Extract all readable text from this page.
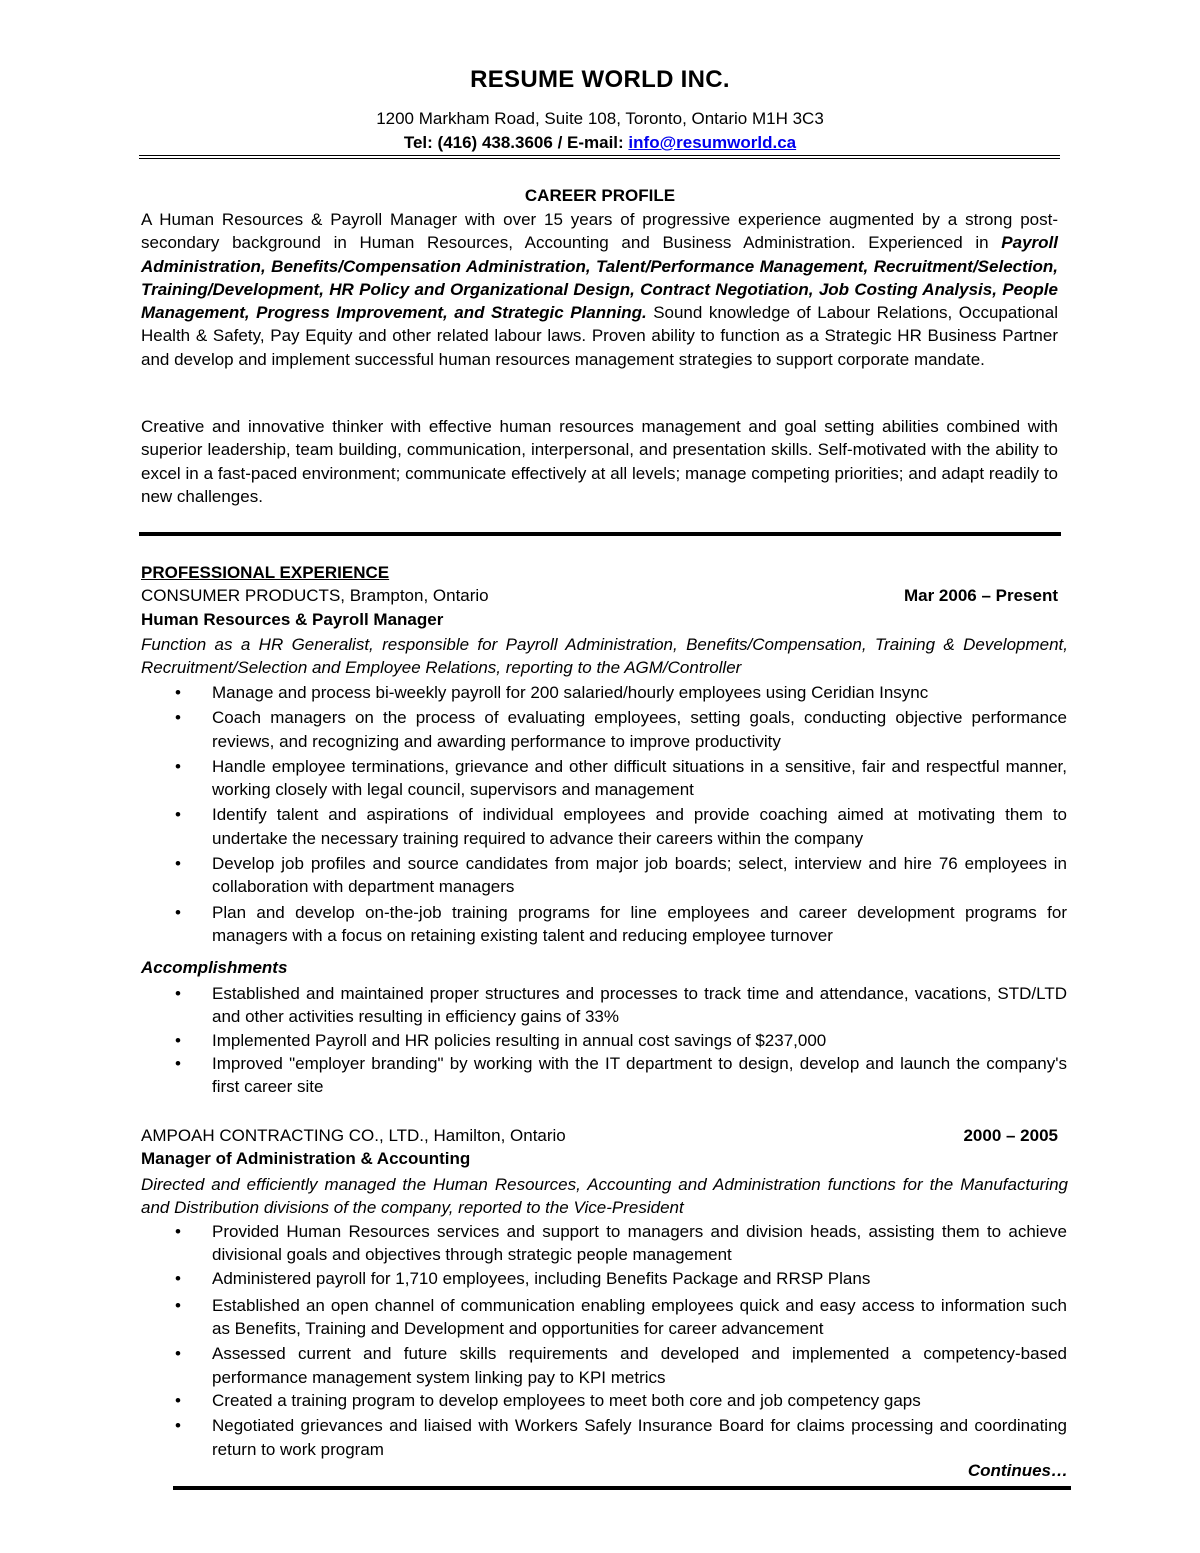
RESUME WORLD INC.
1200 Markham Road, Suite 108, Toronto, Ontario M1H 3C3
Tel: (416) 438.3606 / E-mail: info@resumworld.ca
CAREER PROFILE

A Human Resources & Payroll Manager with over 15 years of progressive experience augmented by a strong post-secondary background in Human Resources, Accounting and Business Administration. Experienced in Payroll Administration, Benefits/Compensation Administration, Talent/Performance Management, Recruitment/Selection, Training/Development, HR Policy and Organizational Design, Contract Negotiation, Job Costing Analysis, People Management, Progress Improvement, and Strategic Planning. Sound knowledge of Labour Relations, Occupational Health & Safety, Pay Equity and other related labour laws. Proven ability to function as a Strategic HR Business Partner and develop and implement successful human resources management strategies to support corporate mandate.

Creative and innovative thinker with effective human resources management and goal setting abilities combined with superior leadership, team building, communication, interpersonal, and presentation skills. Self-motivated with the ability to excel in a fast-paced environment; communicate effectively at all levels; manage competing priorities; and adapt readily to new challenges.

PROFESSIONAL EXPERIENCE
CONSUMER PRODUCTS, Brampton, Ontario	Mar 2006 – Present
Human Resources & Payroll Manager

Function as a HR Generalist, responsible for Payroll Administration, Benefits/Compensation, Training & Development, Recruitment/Selection and Employee Relations, reporting to the AGM/Controller

• Manage and process bi-weekly payroll for 200 salaried/hourly employees using Ceridian Insync
• Coach managers on the process of evaluating employees, setting goals, conducting objective performance reviews, and recognizing and awarding performance to improve productivity
• Handle employee terminations, grievance and other difficult situations in a sensitive, fair and respectful manner, working closely with legal council, supervisors and management
• Identify talent and aspirations of individual employees and provide coaching aimed at motivating them to undertake the necessary training required to advance their careers within the company
• Develop job profiles and source candidates from major job boards; select, interview and hire 76 employees in collaboration with department managers
• Plan and develop on-the-job training programs for line employees and career development programs for managers with a focus on retaining existing talent and reducing employee turnover
Accomplishments
• Established and maintained proper structures and processes to track time and attendance, vacations, STD/LTD and other activities resulting in efficiency gains of 33%
• Implemented Payroll and HR policies resulting in annual cost savings of $237,000
• Improved "employer branding" by working with the IT department to design, develop and launch the company's first career site
AMPOAH CONTRACTING CO., LTD., Hamilton, Ontario	2000 – 2005
Manager of Administration & Accounting

Directed and efficiently managed the Human Resources, Accounting and Administration functions for the Manufacturing and Distribution divisions of the company, reported to the Vice-President

• Provided Human Resources services and support to managers and division heads, assisting them to achieve divisional goals and objectives through strategic people management
• Administered payroll for 1,710 employees, including Benefits Package and RRSP Plans
• Established an open channel of communication enabling employees quick and easy access to information such as Benefits, Training and Development and opportunities for career advancement
• Assessed current and future skills requirements and developed and implemented a competency-based performance management system linking pay to KPI metrics
• Created a training program to develop employees to meet both core and job competency gaps
• Negotiated grievances and liaised with Workers Safely Insurance Board for claims processing and coordinating return to work program
Continues…
